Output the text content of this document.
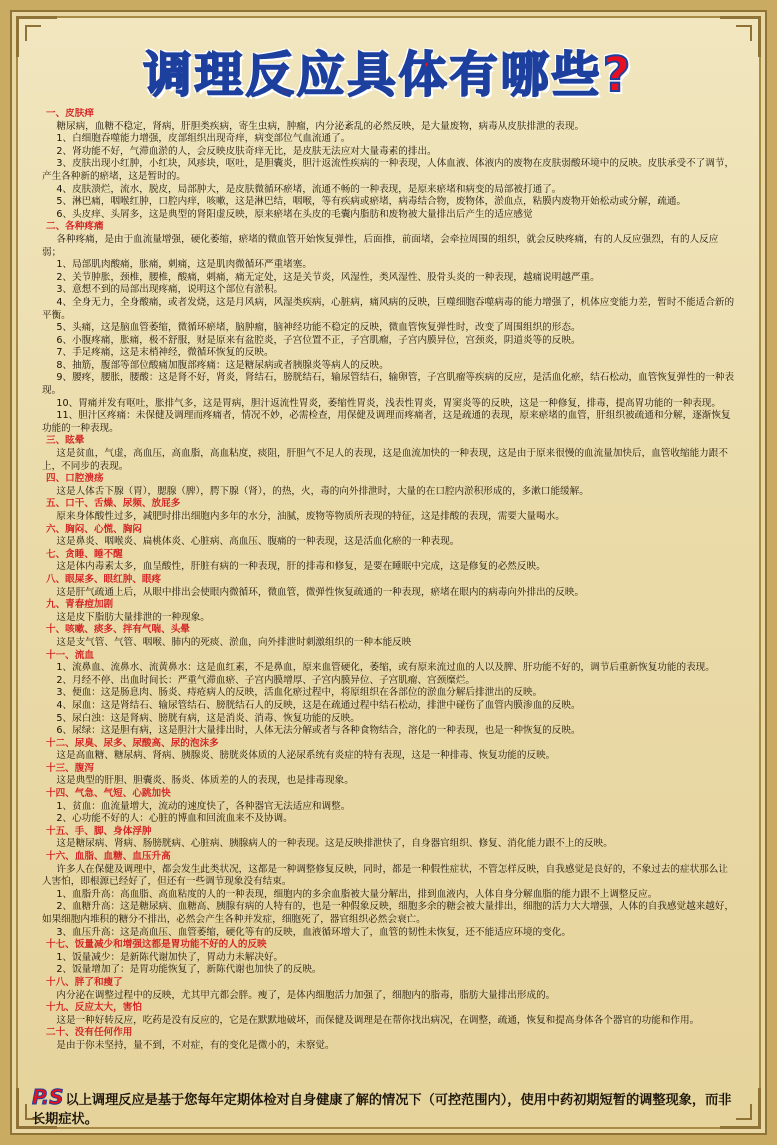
调理反应具体有哪些?
一、皮肤痒
糖尿病，血糖不稳定，肾病，肝胆类疾病，寄生虫病，肿瘤，内分泌紊乱的必然反映，是大量废物，病毒从皮肤排泄的表现。
1、白细胞吞噬能力增强，皮部组织出现奇痒，病变部位气血流通了。
2、肾功能不好，气滞血淤的人，会反映皮肤奇痒无比，是皮肤无法应对大量毒素的排出。
3、皮肤出现小红肿，小红块，风疹块，呕吐，是胆囊炎，胆汁返流性疾病的一种表现，人体血液、体液内的废物在皮肤弱酸环境中的反映。皮肤承受不了调节，产生各种新的瘀堵，这是暂时的。
4、皮肤溃烂，流水，脱皮，局部肿大，是皮肤微循环瘀堵，流通不畅的一种表现，是原来瘀堵和病变的局部被打通了。
5、淋巴痛，咽喉红肿，口腔内痒，咳嗽，这是淋巴结，咽喉，等有疾病或瘀堵，病毒结合物，废物体，淤血点，粘膜内废物开始松动或分解，疏通。
6、头皮痒、头屑多，这是典型的肾阳虚反映，原来瘀堵在头皮的毛囊内脂肪和废物被大量排出后产生的适应感觉
二、各种疼痛
各种疼痛，是由于血流量增强，硬化萎缩，瘀堵的微血管开始恢复弹性，后面推，前面堵，会牵拉周围的组织，就会反映疼痛，有的人反应强烈，有的人反应弱；
1、局部肌肉酸痛，胀痛，刺痛，这是肌肉微循环严重堵塞。
2、关节肿胀，颈椎，腰椎，酸痛，刺痛，痛无定处，这是关节炎，风湿性，类风湿性、股骨头炎的一种表现，越痛说明越严重。
3、意想不到的局部出现疼痛，说明这个部位有淤积。
4、全身无力，全身酸痛，或者发烧，这是月风病，风湿类疾病，心脏病，痛风病的反映，巨噬细胞吞噬病毒的能力增强了，机体应变能力差，暂时不能适合新的平衡。
5、头痛，这是脑血管萎缩，微循环瘀堵，脑肿瘤，脑神经功能不稳定的反映，微血管恢复弹性时，改变了周围组织的形态。
6、小腹疼痛，胀痛，极不舒服，财是原来有盆腔炎，子宫位置不正，子宫肌瘤，子宫内膜异位，宫颈炎，阴道炎等的反映。
7、手足疼痛，这是末梢神经，微循环恢复的反映。
8、抽筋，腹部等部位酸痛加腹部疼痛：这是糖尿病或者胰腺炎等病人的反映。
9、腰疼，腰胀，腰酸：这是肾不好，肾炎，肾结石，膀胱结石，输尿管结石，输卵管，子宫肌瘤等疾病的反应，是活血化瘀，结石松动，血管恢复弹性的一种表现。
10、胃痛并发有呕吐，胀排气多，这是胃病，胆汁返流性胃炎，萎缩性胃炎，浅表性胃炎，胃窦炎等的反映，这是一种修复，排毒，提高胃功能的一种表现。
11、胆汁区疼痛：未保健及调理而疼痛者，情况不妙，必需检查，用保健及调理而疼痛者，这是疏通的表现，原来瘀堵的血管，肝组织被疏通和分解，逐渐恢复功能的一种表现。
三、眩晕
这是贫血，气虚，高血压，高血脂，高血粘度，痰阻，肝胆气不足人的表现，这是血流加快的一种表现，这是由于原来很慢的血流量加快后，血管收缩能力跟不上，不同步的表现。
四、口腔溃疡
这是人体舌下腺（胃），腮腺（脾），腭下腺（肾），的热，火，毒的向外排泄时，大量的在口腔内淤积形成的，多漱口能缓解。
五、口干、舌燥、尿频、放屁多
原来身体酸性过多，减肥时排出细胞内多年的水分，油腻，废物等物质所表现的特征，这是排酸的表现，需要大量喝水。
六、胸闷、心慌、胸闷
这是鼻炎、咽喉炎、扁桃体炎、心脏病、高血压、腹痛的一种表现，这是活血化瘀的一种表现。
七、贪睡、睡不醒
这是体内毒素太多，血呈酸性，肝脏有病的一种表现，肝的排毒和修复，是要在睡眠中完成，这是修复的必然反映。
八、眼屎多、眼红肿、眼疼
这是肝气疏通上后，从眼中排出会使眼内微循环，微血管，微弹性恢复疏通的一种表现，瘀堵在眼内的病毒向外排出的反映。
九、青春痘加剧
这是皮下脂肪大量排泄的一种现象。
十、咳嗽、痰多、拌有气喘、头晕
这是支气管、气管、咽喉、肺内的死痰、淤血，向外排泄时刺激组织的一种本能反映
十一、流血
1、流鼻血、流鼻水、流黄鼻水：这是血红素，不是鼻血，原来血管硬化，萎缩，或有原来流过血的人以及脾、肝功能不好的，调节后重新恢复功能的表现。
2、月经不停、出血时间长：严重气滞血瘀、子宫内膜增厚、子宫内膜异位、子宫肌瘤、宫颈糜烂。
3、便血：这是肠息肉、肠炎、痔疮病人的反映，活血化瘀过程中，将原组织在各部位的淤血分解后排泄出的反映。
4、尿血：这是肾结石、输尿管结石、膀胱结石人的反映，这是在疏通过程中结石松动，排泄中碰伤了血管内膜渗血的反映。
5、尿白浊：这是肾病、膀胱有病，这是消炎、消毒、恢复功能的反映。
6、尿绿：这是胆有病，这是胆汁大量排出时，人体无法分解或者与各种食物结合，溶化的一种表现，也是一种恢复的反映。
十二、尿臭、尿多、尿酸高、尿的泡沫多
这是高血糖、糖尿病、肾病、胰腺炎、膀胱炎体质的人泌尿系统有炎症的特有表现，这是一种排毒、恢复功能的反映。
十三、腹泻
这是典型的肝胆、胆囊炎、肠炎、体质差的人的表现，也是排毒现象。
十四、气急、气短、心跳加快
1、贫血：血流量增大，流动的速度快了，各种器官无法适应和调整。
2、心功能不好的人：心脏的博血和回流血来不及协调。
十五、手、脚、身体浮肿
这是糖尿病、肾病、肠膀胱病、心脏病、胰腺病人的一种表现。这是反映排泄快了，自身器官组织、修复、消化能力跟不上的反映。
十六、血脂、血糖、血压升高
许多人在保健及调理中，都会发生此类状况，这都是一种调整修复反映，同时，都是一种假性症状，不管怎样反映，自我感觉是良好的，不象过去的症状那么让人害怕，即根源已经好了，但还有一些调节现象没有结束。
1、血脂升高：高血脂、高血粘度的人的一种表现，细胞内的多余血脂被大量分解出，排到血液内，人体自身分解血脂的能力跟不上调整反应。
2、血糖升高：这是糖尿病、血糖高、胰腺有病的人特有的，也是一种假象反映，细胞多余的糖会被大量排出，细胞的活力大大增强，人体的自我感觉越来越好，如果细胞内堆积的糖分不排出，必然会产生各种并发症，细胞死了，器官组织必然会衰亡。
3、血压升高：这是高血压、血管萎缩，硬化等有的反映，血液循环增大了，血管的韧性未恢复，还不能适应环境的变化。
十七、饭量减少和增强这都是胃功能不好的人的反映
1、饭量减少：是新陈代谢加快了，胃动力未解决好。
2、饭量增加了：是胃功能恢复了，新陈代谢也加快了的反映。
十八、胖了和瘦了
内分泌在调整过程中的反映，尤其甲亢都会胖。瘦了，是体内细胞活力加强了，细胞内的脂毒，脂肪大量排出形成的。
十九、反应太大，害怕
这是一种好转反应，吃药是没有反应的，它是在默默地破坏，而保健及调理是在帮你找出病况，在调整，疏通，恢复和提高身体各个器官的功能和作用。
二十、没有任何作用
是由于你未坚持，量不到，不对症，有的变化是微小的，未察觉。
P.S 以上调理反应是基于您每年定期体检对自身健康了解的情况下（可控范围内），使用中药初期短暂的调整现象，而非长期症状。
